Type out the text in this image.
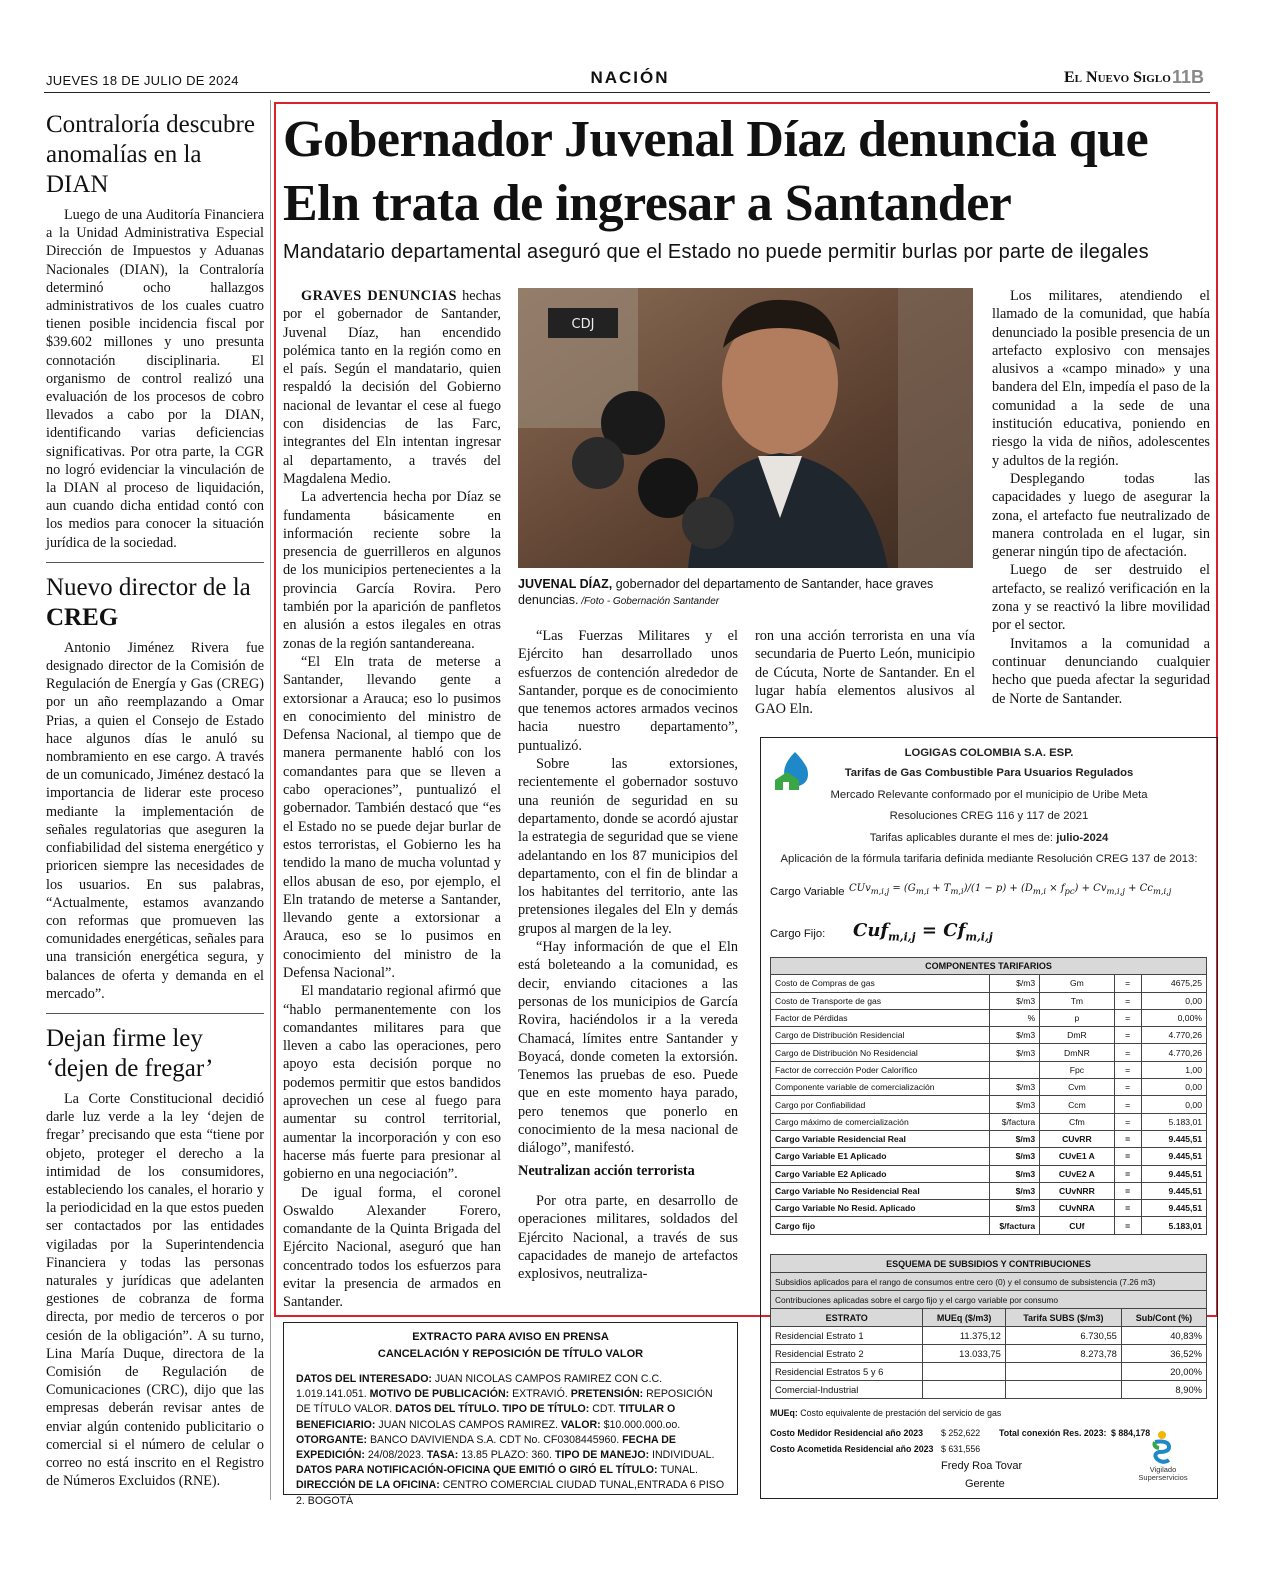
JUEVES 18 DE JULIO DE 2024	NACIÓN	El Nuevo Siglo 11B
Contraloría descubre anomalías en la DIAN

Luego de una Auditoría Financiera a la Unidad Administrativa Especial Dirección de Impuestos y Aduanas Nacionales (DIAN), la Contraloría determinó ocho hallazgos administrativos de los cuales cuatro tienen posible incidencia fiscal por $39.602 millones y uno presunta connotación disciplinaria. El organismo de control realizó una evaluación de los procesos de cobro llevados a cabo por la DIAN, identificando varias deficiencias significativas. Por otra parte, la CGR no logró evidenciar la vinculación de la DIAN al proceso de liquidación, aun cuando dicha entidad contó con los medios para conocer la situación jurídica de la sociedad.

Nuevo director de la CREG

Antonio Jiménez Rivera fue designado director de la Comisión de Regulación de Energía y Gas (CREG) por un año reemplazando a Omar Prias, a quien el Consejo de Estado hace algunos días le anuló su nombramiento en ese cargo. A través de un comunicado, Jiménez destacó la importancia de liderar este proceso mediante la implementación de señales regulatorias que aseguren la confiabilidad del sistema energético y prioricen siempre las necesidades de los usuarios. En sus palabras, “Actualmente, estamos avanzando con reformas que promueven las comunidades energéticas, señales para una transición energética segura, y balances de oferta y demanda en el mercado”.

Dejan firme ley ‘dejen de fregar’

La Corte Constitucional decidió darle luz verde a la ley ‘dejen de fregar’ precisando que esta “tiene por objeto, proteger el derecho a la intimidad de los consumidores, estableciendo los canales, el horario y la periodicidad en la que estos pueden ser contactados por las entidades vigiladas por la Superintendencia Financiera y todas las personas naturales y jurídicas que adelanten gestiones de cobranza de forma directa, por medio de terceros o por cesión de la obligación”. A su turno, Lina María Duque, directora de la Comisión de Regulación de Comunicaciones (CRC), dijo que las empresas deberán revisar antes de enviar algún contenido publicitario o comercial si el número de celular o correo no está inscrito en el Registro de Números Excluidos (RNE).

Gobernador Juvenal Díaz denuncia que Eln trata de ingresar a Santander
Mandatario departamental aseguró que el Estado no puede permitir burlas por parte de ilegales

GRAVES DENUNCIAS hechas por el gobernador de Santander, Juvenal Díaz, han encendido polémica tanto en la región como en el país. Según el mandatario, quien respaldó la decisión del Gobierno nacional de levantar el cese al fuego con disidencias de las Farc, integrantes del Eln intentan ingresar al departamento, a través del Magdalena Medio.

La advertencia hecha por Díaz se fundamenta básicamente en información reciente sobre la presencia de guerrilleros en algunos de los municipios pertenecientes a la provincia García Rovira. Pero también por la aparición de panfletos en alusión a estos ilegales en otras zonas de la región santandereana.

“El Eln trata de meterse a Santander, llevando gente a extorsionar a Arauca; eso lo pusimos en conocimiento del ministro de Defensa Nacional, al tiempo que de manera permanente habló con los comandantes para que se lleven a cabo operaciones”, puntualizó el gobernador. También destacó que “es el Estado no se puede dejar burlar de estos terroristas, el Gobierno les ha tendido la mano de mucha voluntad y ellos abusan de eso, por ejemplo, el Eln tratando de meterse a Santander, llevando gente a extorsionar a Arauca, eso se lo pusimos en conocimiento del ministro de la Defensa Nacional”.

El mandatario regional afirmó que “hablo permanentemente con los comandantes militares para que lleven a cabo las operaciones, pero apoyo esta decisión porque no podemos permitir que estos bandidos aprovechen un cese al fuego para aumentar su control territorial, aumentar la incorporación y con eso hacerse más fuerte para presionar al gobierno en una negociación”.

De igual forma, el coronel Oswaldo Alexander Forero, comandante de la Quinta Brigada del Ejército Nacional, aseguró que han concentrado todos los esfuerzos para evitar la presencia de armados en Santander.

CDJ
JUVENAL DÍAZ, gobernador del departamento de Santander, hace graves denuncias. /Foto - Gobernación Santander

“Las Fuerzas Militares y el Ejército han desarrollado unos esfuerzos de contención alrededor de Santander, porque es de conocimiento que tenemos actores armados vecinos hacia nuestro departamento”, puntualizó.

Sobre las extorsiones, recientemente el gobernador sostuvo una reunión de seguridad en su departamento, donde se acordó ajustar la estrategia de seguridad que se viene adelantando en los 87 municipios del departamento, con el fin de blindar a los habitantes del territorio, ante las pretensiones ilegales del Eln y demás grupos al margen de la ley.

“Hay información de que el Eln está boleteando a la comunidad, es decir, enviando citaciones a las personas de los municipios de García Rovira, haciéndolos ir a la vereda Chamacá, límites entre Santander y Boyacá, donde cometen la extorsión. Tenemos las pruebas de eso. Puede que en este momento haya parado, pero tenemos que ponerlo en conocimiento de la mesa nacional de diálogo”, manifestó.

Neutralizan acción terrorista

Por otra parte, en desarrollo de operaciones militares, soldados del Ejército Nacional, a través de sus capacidades de manejo de artefactos explosivos, neutraliza-

ron una acción terrorista en una vía secundaria de Puerto León, municipio de Cúcuta, Norte de Santander. En el lugar había elementos alusivos al GAO Eln.

Los militares, atendiendo el llamado de la comunidad, que había denunciado la posible presencia de un artefacto explosivo con mensajes alusivos a «campo minado» y una bandera del Eln, impedía el paso de la comunidad a la sede de una institución educativa, poniendo en riesgo la vida de niños, adolescentes y adultos de la región.

Desplegando todas las capacidades y luego de asegurar la zona, el artefacto fue neutralizado de manera controlada en el lugar, sin generar ningún tipo de afectación.

Luego de ser destruido el artefacto, se realizó verificación en la zona y se reactivó la libre movilidad por el sector.

Invitamos a la comunidad a continuar denunciando cualquier hecho que pueda afectar la seguridad de Norte de Santander.

LOGIGAS COLOMBIA S.A. ESP.
Tarifas de Gas Combustible Para Usuarios Regulados
Mercado Relevante conformado por el municipio de Uribe Meta
Resoluciones CREG 116 y 117 de 2021
Tarifas aplicables durante el mes de: julio-2024
Aplicación de la fórmula tarifaria definida mediante Resolución CREG 137 de 2013:
Cargo Variable $CUv_{m,i,j} = (G_{m,i} + T_{m,i})/(1 - p) + (D_{m,i} \times f_{pc}) + Cv_{m,i,j} + Cc_{m,i,j}$
Cargo Fijo: $Cuf_{m,i,j} = Cf_{m,i,j}$
COMPONENTES TARIFARIOS				
Costo de Compras de gas	$/m3	Gm	=	4675,25
Costo de Transporte de gas	$/m3	Tm	=	0,00
Factor de Pérdidas	%	p	=	0,00%
Cargo de Distribución Residencial	$/m3	DmR	=	4.770,26
Cargo de Distribución No Residencial	$/m3	DmNR	=	4.770,26
Factor de corrección Poder Calorífico		Fpc	=	1,00
Componente variable de comercialización	$/m3	Cvm	=	0,00
Cargo por Confiabilidad	$/m3	Ccm	=	0,00
Cargo máximo de comercialización	$/factura	Cfm	=	5.183,01
Cargo Variable Residencial Real	$/m3	CUvRR	=	9.445,51
Cargo Variable E1 Aplicado	$/m3	CUvE1 A	=	9.445,51
Cargo Variable E2 Aplicado	$/m3	CUvE2 A	=	9.445,51
Cargo Variable No Residencial Real	$/m3	CUvNRR	=	9.445,51
Cargo Variable No Resid. Aplicado	$/m3	CUvNRA	=	9.445,51
Cargo fijo	$/factura	CUf	=	5.183,01
ESQUEMA DE SUBSIDIOS Y CONTRIBUCIONES			
Subsidios aplicados para el rango de consumos entre cero (0) y el consumo de subsistencia (7.26 m3)			
Contribuciones aplicadas sobre el cargo fijo y el cargo variable por consumo			
ESTRATO	MUEq ($/m3)	Tarifa SUBS ($/m3)	Sub/Cont (%)
Residencial Estrato 1	11.375,12	6.730,55	40,83%
Residencial Estrato 2	13.033,75	8.273,78	36,52%
Residencial Estratos 5 y 6			20,00%
Comercial-Industrial			8,90%
MUEq: Costo equivalente de prestación del servicio de gas
Costo Medidor Residencial año 2023 $ 252,622 Total conexión Res. 2023: $ 884,178
Costo Acometida Residencial año 2023 $ 631,556
Fredy Roa Tovar
Gerente
Vigilado
Superservicios
EXTRACTO PARA AVISO EN PRENSA
CANCELACIÓN Y REPOSICIÓN DE TÍTULO VALOR
DATOS DEL INTERESADO: JUAN NICOLAS CAMPOS RAMIREZ CON C.C. 1.019.141.051. MOTIVO DE PUBLICACIÓN: EXTRAVIÓ. PRETENSIÓN: REPOSICIÓN DE TÍTULO VALOR. DATOS DEL TÍTULO. TIPO DE TÍTULO: CDT. TITULAR O BENEFICIARIO: JUAN NICOLAS CAMPOS RAMIREZ. VALOR: $10.000.000.oo. OTORGANTE: BANCO DAVIVIENDA S.A. CDT No. CF0308445960. FECHA DE EXPEDICIÓN: 24/08/2023. TASA: 13.85 PLAZO: 360. TIPO DE MANEJO: INDIVIDUAL. DATOS PARA NOTIFICACIÓN-OFICINA QUE EMITIÓ O GIRÓ EL TÍTULO: TUNAL. DIRECCIÓN DE LA OFICINA: CENTRO COMERCIAL CIUDAD TUNAL,ENTRADA 6 PISO 2. BOGOTÁ
